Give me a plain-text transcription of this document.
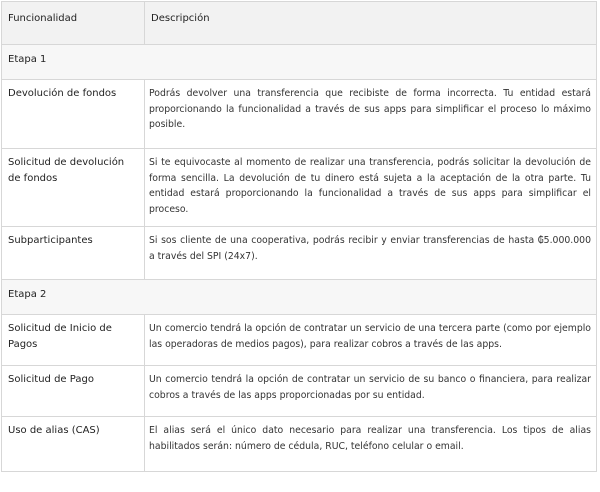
Funcionalidad	Descripción

Etapa 1	

Devolución de fondos	Podrás devolver una transferencia que recibiste de forma incorrecta. Tu entidad estará proporcionando la funcionalidad a través de sus apps para simplificar el proceso lo máximo posible.

Solicitud de devolución de fondos	Si te equivocaste al momento de realizar una transferencia, podrás solicitar la devolución de forma sencilla. La devolución de tu dinero está sujeta a la aceptación de la otra parte. Tu entidad estará proporcionando la funcionalidad a través de sus apps para simplificar el proceso.

Subparticipantes	Si sos cliente de una cooperativa, podrás recibir y enviar transferencias de hasta ₲5.000.000 a través del SPI (24x7).

Etapa 2	

Solicitud de Inicio de Pagos	Un comercio tendrá la opción de contratar un servicio de una tercera parte (como por ejemplo las operadoras de medios pagos), para realizar cobros a través de las apps.

Solicitud de Pago	Un comercio tendrá la opción de contratar un servicio de su banco o financiera, para realizar cobros a través de las apps proporcionadas por su entidad.

Uso de alias (CAS)	El alias será el único dato necesario para realizar una transferencia. Los tipos de alias habilitados serán: número de cédula, RUC, teléfono celular o email.
